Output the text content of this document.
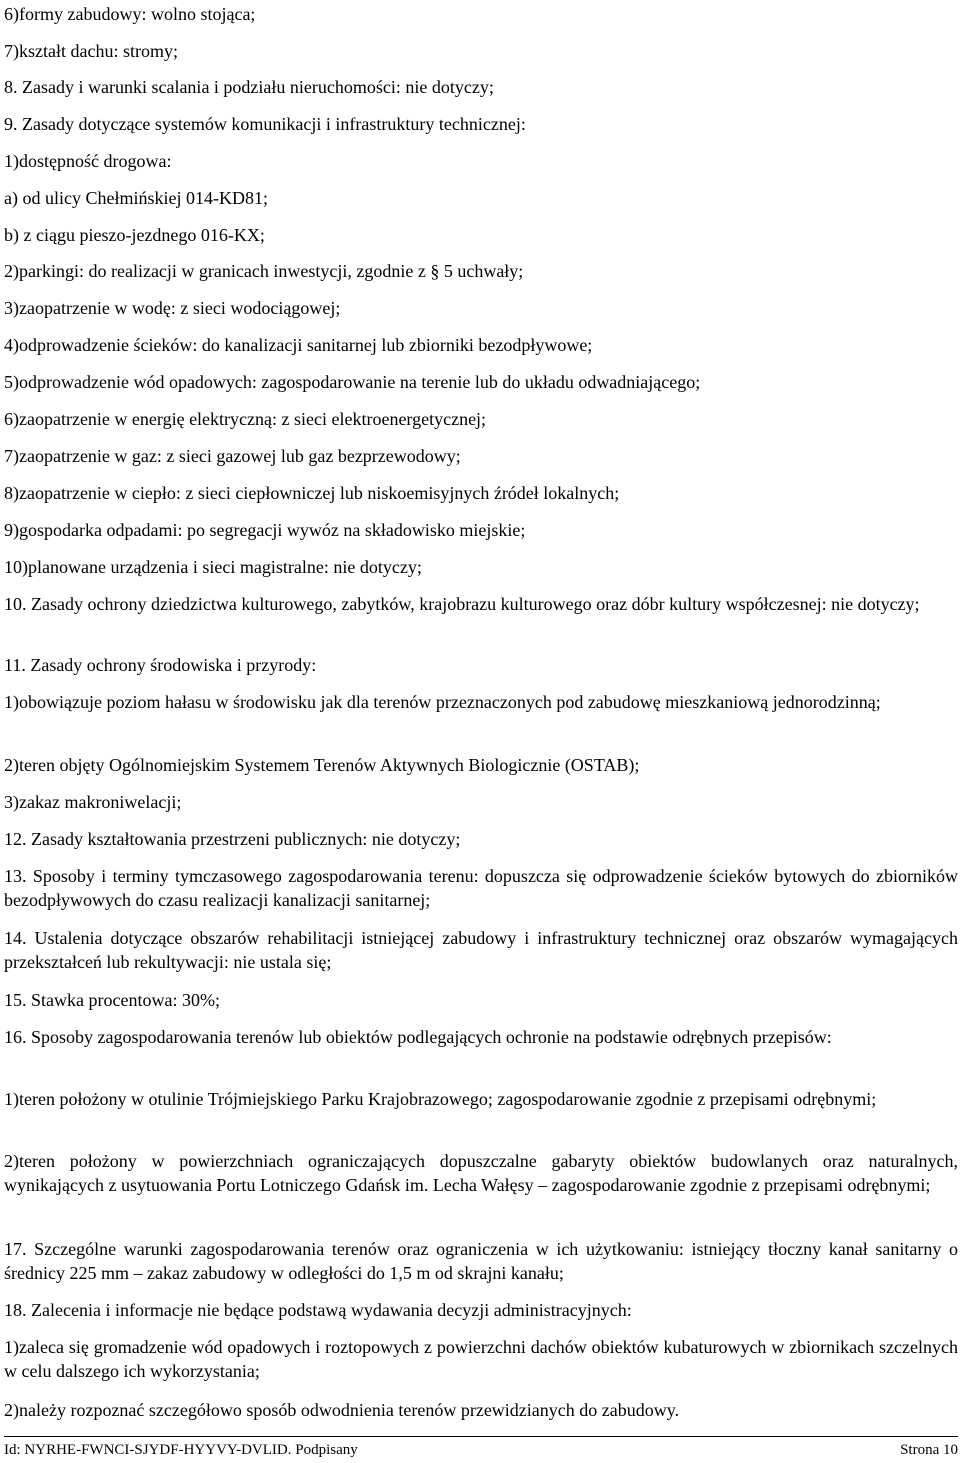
6)formy zabudowy: wolno stojąca;

7)kształt dachu: stromy;

8. Zasady i warunki scalania i podziału nieruchomości: nie dotyczy;

9. Zasady dotyczące systemów komunikacji i infrastruktury technicznej:

1)dostępność drogowa:

a) od ulicy Chełmińskiej 014-KD81;

b) z ciągu pieszo-jezdnego 016-KX;

2)parkingi: do realizacji w granicach inwestycji, zgodnie z § 5 uchwały;

3)zaopatrzenie w wodę: z sieci wodociągowej;

4)odprowadzenie ścieków: do kanalizacji sanitarnej lub zbiorniki bezodpływowe;

5)odprowadzenie wód opadowych: zagospodarowanie na terenie lub do układu odwadniającego;

6)zaopatrzenie w energię elektryczną: z sieci elektroenergetycznej;

7)zaopatrzenie w gaz: z sieci gazowej lub gaz bezprzewodowy;

8)zaopatrzenie w ciepło: z sieci ciepłowniczej lub niskoemisyjnych źródeł lokalnych;

9)gospodarka odpadami: po segregacji wywóz na składowisko miejskie;

10)planowane urządzenia i sieci magistralne: nie dotyczy;

10. Zasady ochrony dziedzictwa kulturowego, zabytków, krajobrazu kulturowego oraz dóbr kultury współczesnej: nie dotyczy;

11. Zasady ochrony środowiska i przyrody:

1)obowiązuje poziom hałasu w środowisku jak dla terenów przeznaczonych pod zabudowę mieszkaniową jednorodzinną;

2)teren objęty Ogólnomiejskim Systemem Terenów Aktywnych Biologicznie (OSTAB);

3)zakaz makroniwelacji;

12. Zasady kształtowania przestrzeni publicznych: nie dotyczy;

13. Sposoby i terminy tymczasowego zagospodarowania terenu: dopuszcza się odprowadzenie ścieków bytowych do zbiorników bezodpływowych do czasu realizacji kanalizacji sanitarnej;

14. Ustalenia dotyczące obszarów rehabilitacji istniejącej zabudowy i infrastruktury technicznej oraz obszarów wymagających przekształceń lub rekultywacji: nie ustala się;

15. Stawka procentowa: 30%;

16. Sposoby zagospodarowania terenów lub obiektów podlegających ochronie na podstawie odrębnych przepisów:

1)teren położony w otulinie Trójmiejskiego Parku Krajobrazowego; zagospodarowanie zgodnie z przepisami odrębnymi;

2)teren położony w powierzchniach ograniczających dopuszczalne gabaryty obiektów budowlanych oraz naturalnych, wynikających z usytuowania Portu Lotniczego Gdańsk im. Lecha Wałęsy – zagospodarowanie zgodnie z przepisami odrębnymi;

17. Szczególne warunki zagospodarowania terenów oraz ograniczenia w ich użytkowaniu: istniejący tłoczny kanał sanitarny o średnicy 225 mm – zakaz zabudowy w odległości do 1,5 m od skrajni kanału;

18. Zalecenia i informacje nie będące podstawą wydawania decyzji administracyjnych:

1)zaleca się gromadzenie wód opadowych i roztopowych z powierzchni dachów obiektów kubaturowych w zbiornikach szczelnych w celu dalszego ich wykorzystania;

2)należy rozpoznać szczegółowo sposób odwodnienia terenów przewidzianych do zabudowy.

Id: NYRHE-FWNCI-SJYDF-HYYVY-DVLID. Podpisany	Strona 10
